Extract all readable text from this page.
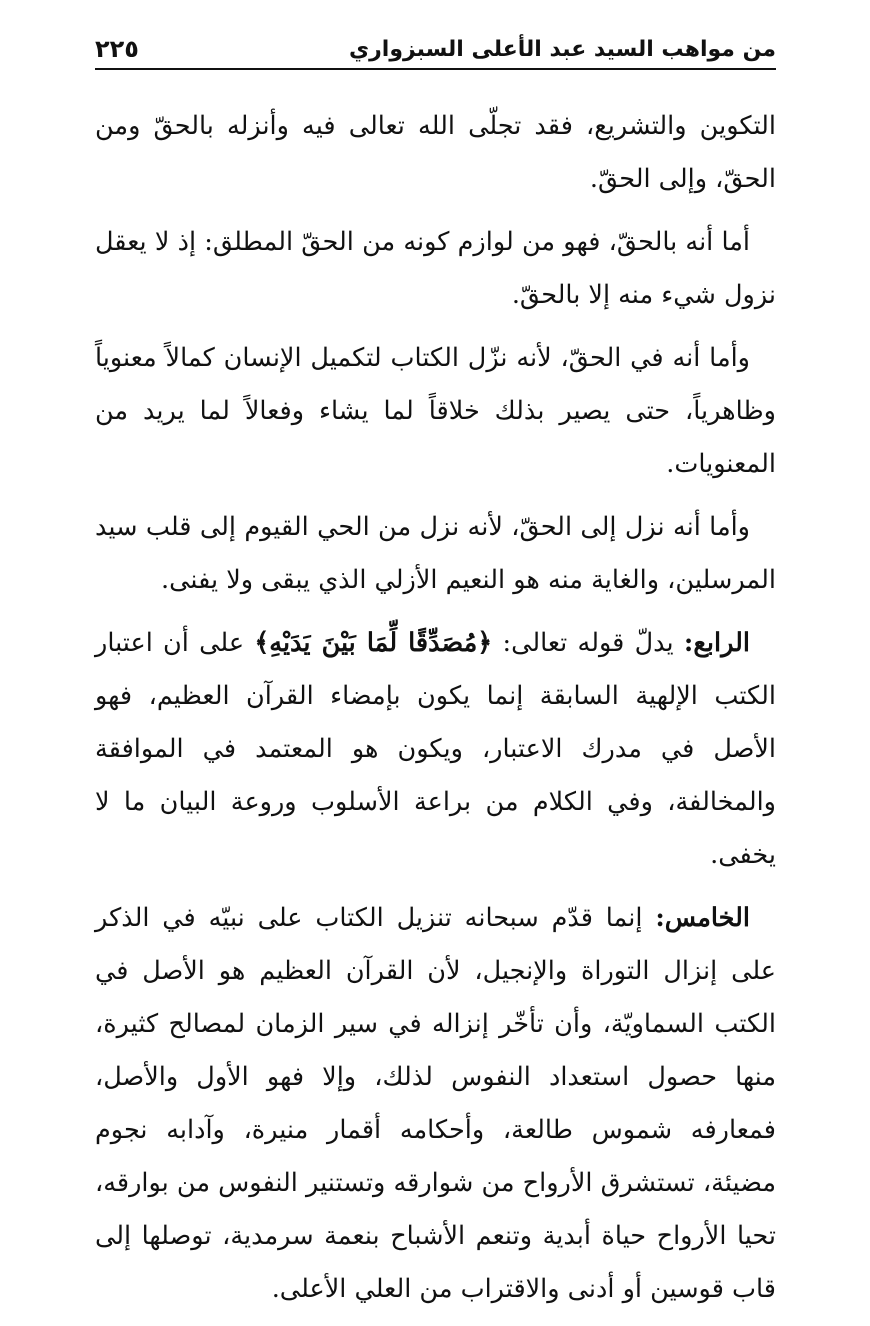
من مواهب السيد عبد الأعلى السبزواري
٢٢٥

التكوين والتشريع، فقد تجلّى الله تعالى فيه وأنزله بالحقّ ومن الحقّ، وإلى الحقّ.

أما أنه بالحقّ، فهو من لوازم كونه من الحقّ المطلق: إذ لا يعقل نزول شيء منه إلا بالحقّ.

وأما أنه في الحقّ، لأنه نزّل الكتاب لتكميل الإنسان كمالاً معنوياً وظاهرياً، حتى يصير بذلك خلاقاً لما يشاء وفعالاً لما يريد من المعنويات.

وأما أنه نزل إلى الحقّ، لأنه نزل من الحي القيوم إلى قلب سيد المرسلين، والغاية منه هو النعيم الأزلي الذي يبقى ولا يفنى.

الرابع: يدلّ قوله تعالى: ﴿مُصَدِّقًا لِّمَا بَيْنَ يَدَيْهِ﴾ على أن اعتبار الكتب الإلهية السابقة إنما يكون بإمضاء القرآن العظيم، فهو الأصل في مدرك الاعتبار، ويكون هو المعتمد في الموافقة والمخالفة، وفي الكلام من براعة الأسلوب وروعة البيان ما لا يخفى.

الخامس: إنما قدّم سبحانه تنزيل الكتاب على نبيّه في الذكر على إنزال التوراة والإنجيل، لأن القرآن العظيم هو الأصل في الكتب السماويّة، وأن تأخّر إنزاله في سير الزمان لمصالح كثيرة، منها حصول استعداد النفوس لذلك، وإلا فهو الأول والأصل، فمعارفه شموس طالعة، وأحكامه أقمار منيرة، وآدابه نجوم مضيئة، تستشرق الأرواح من شوارقه وتستنير النفوس من بوارقه، تحيا الأرواح حياة أبدية وتنعم الأشباح بنعمة سرمدية، توصلها إلى قاب قوسين أو أدنى والاقتراب من العلي الأعلى.
